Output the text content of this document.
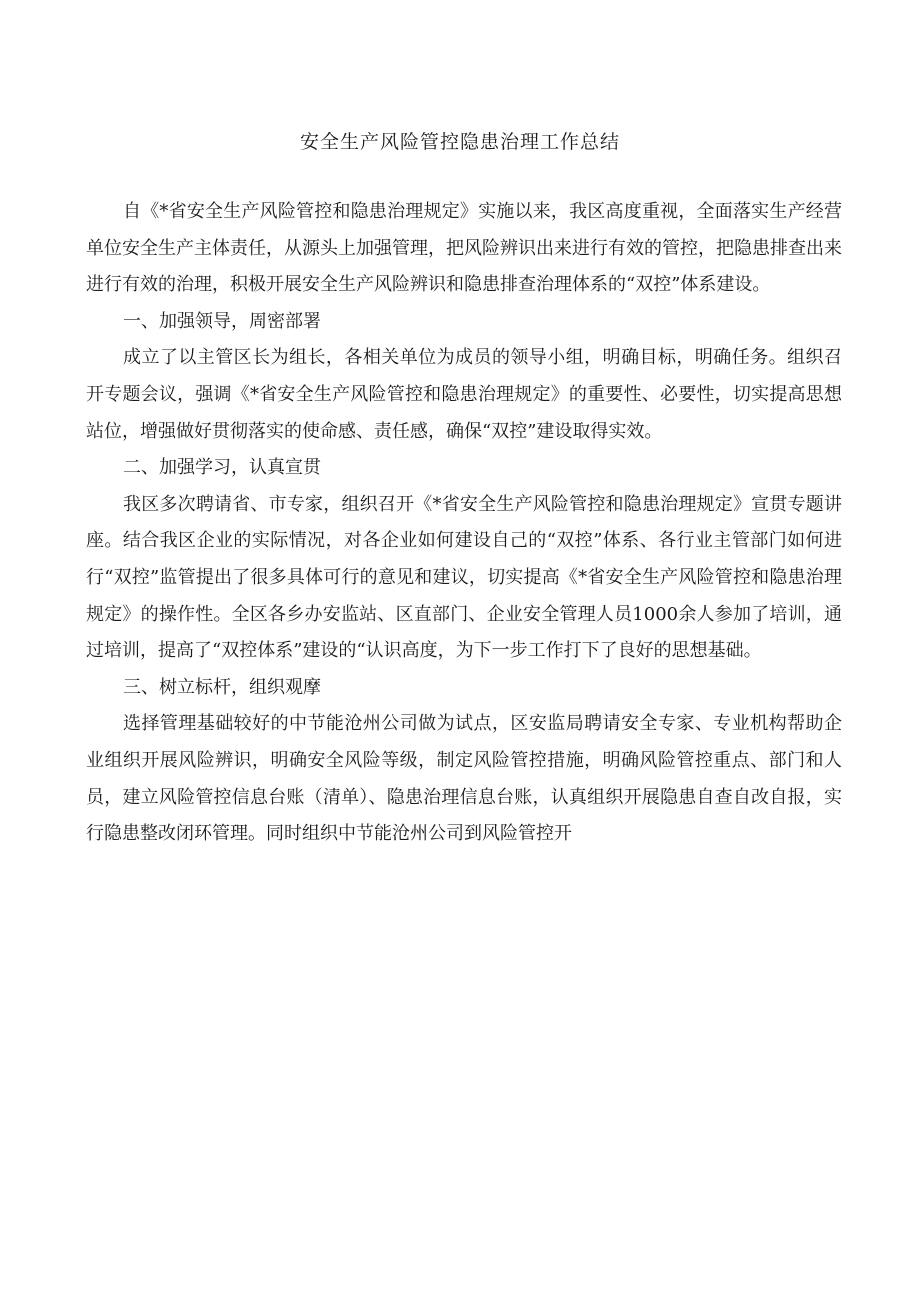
安全生产风险管控隐患治理工作总结

自《*省安全生产风险管控和隐患治理规定》实施以来，我区高度重视，全面落实生产经营单位安全生产主体责任，从源头上加强管理，把风险辨识出来进行有效的管控，把隐患排查出来进行有效的治理，积极开展安全生产风险辨识和隐患排查治理体系的“双控”体系建设。

一、加强领导，周密部署

成立了以主管区长为组长，各相关单位为成员的领导小组，明确目标，明确任务。组织召开专题会议，强调《*省安全生产风险管控和隐患治理规定》的重要性、必要性，切实提高思想站位，增强做好贯彻落实的使命感、责任感，确保“双控”建设取得实效。

二、加强学习，认真宣贯

我区多次聘请省、市专家，组织召开《*省安全生产风险管控和隐患治理规定》宣贯专题讲座。结合我区企业的实际情况，对各企业如何建设自己的“双控”体系、各行业主管部门如何进行“双控”监管提出了很多具体可行的意见和建议，切实提高《*省安全生产风险管控和隐患治理规定》的操作性。全区各乡办安监站、区直部门、企业安全管理人员1000余人参加了培训，通过培训，提高了“双控体系”建设的“认识高度，为下一步工作打下了良好的思想基础。

三、树立标杆，组织观摩

选择管理基础较好的中节能沧州公司做为试点，区安监局聘请安全专家、专业机构帮助企业组织开展风险辨识，明确安全风险等级，制定风险管控措施，明确风险管控重点、部门和人员，建立风险管控信息台账（清单）、隐患治理信息台账，认真组织开展隐患自查自改自报，实行隐患整改闭环管理。同时组织中节能沧州公司到风险管控开
